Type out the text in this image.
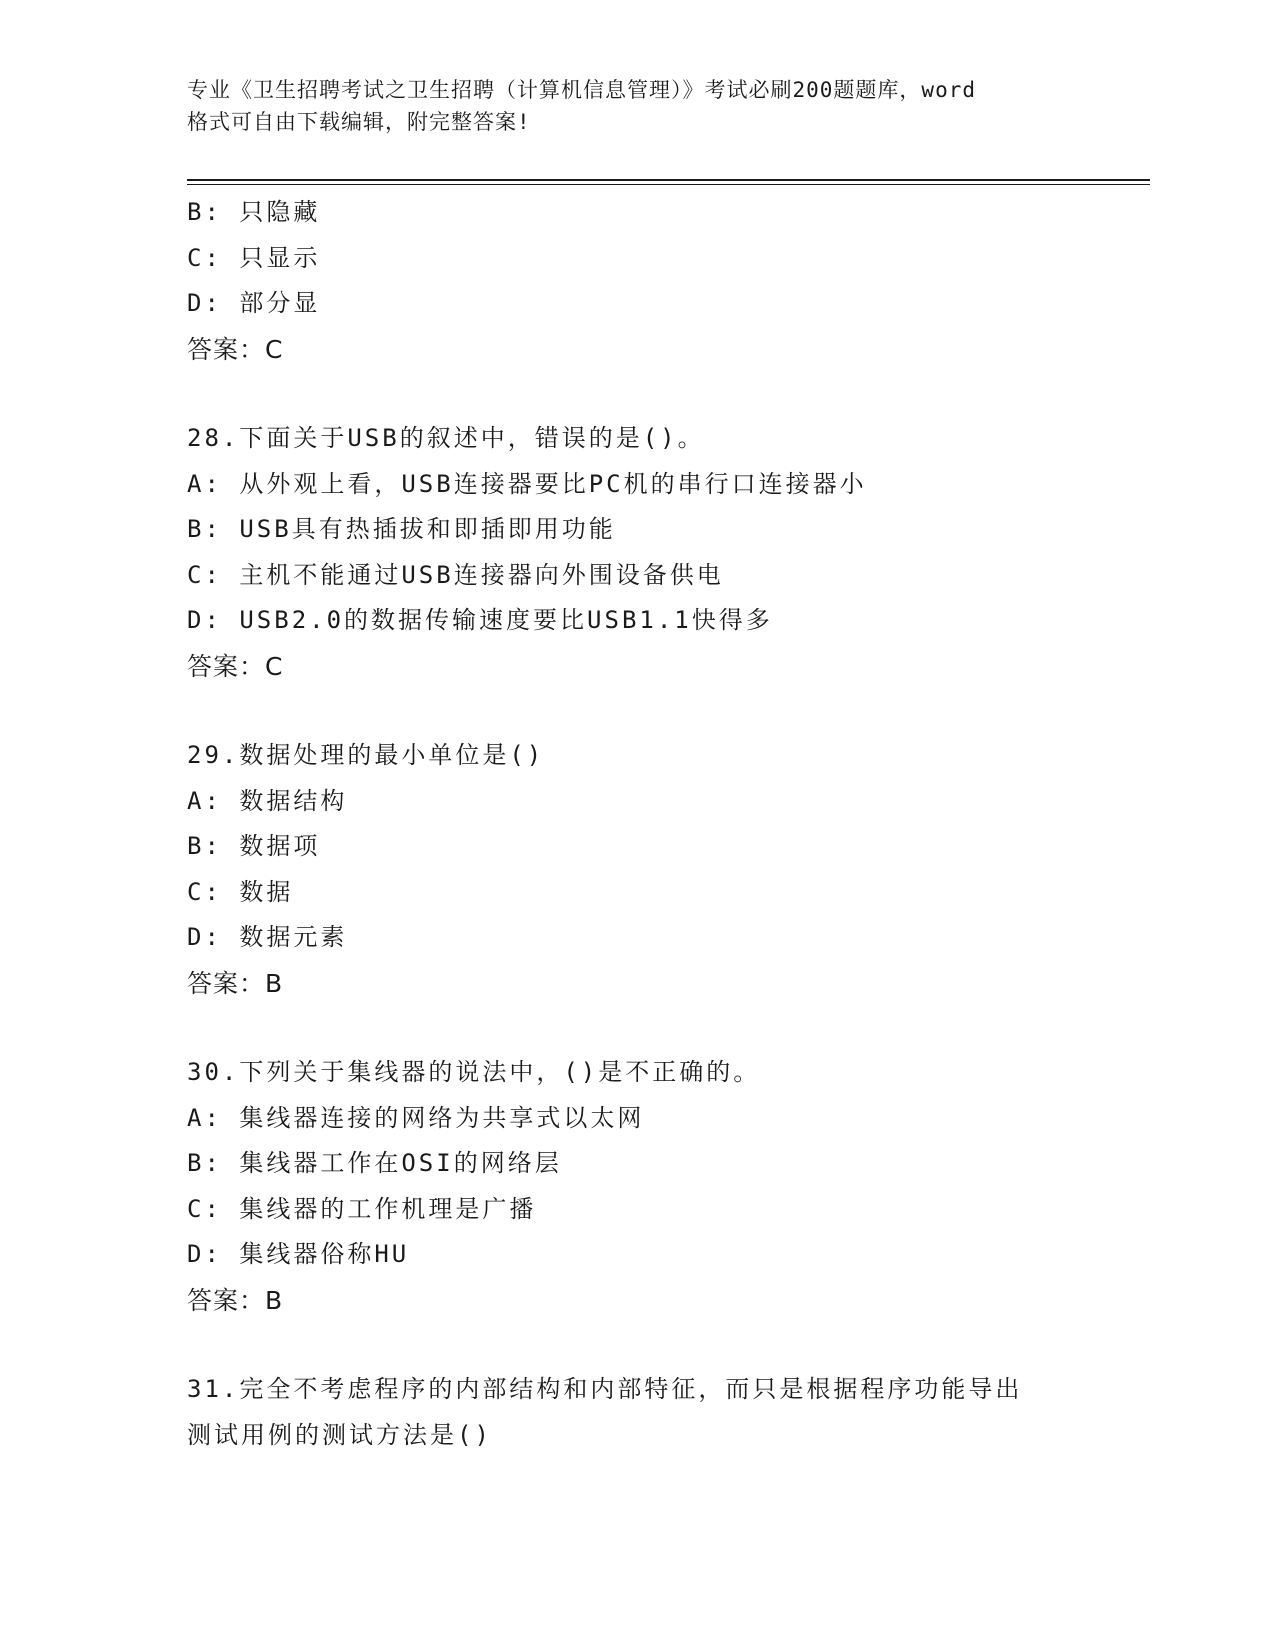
专业《卫生招聘考试之卫生招聘（计算机信息管理）》考试必刷200题题库，word
格式可自由下载编辑，附完整答案!
B: 只隐藏
C: 只显示
D: 部分显
答案：C
28.下面关于USB的叙述中，错误的是()。
A: 从外观上看，USB连接器要比PC机的串行口连接器小
B: USB具有热插拔和即插即用功能
C: 主机不能通过USB连接器向外围设备供电
D: USB2.0的数据传输速度要比USB1.1快得多
答案：C
29.数据处理的最小单位是()
A: 数据结构
B: 数据项
C: 数据
D: 数据元素
答案：B
30.下列关于集线器的说法中，()是不正确的。
A: 集线器连接的网络为共享式以太网
B: 集线器工作在OSI的网络层
C: 集线器的工作机理是广播
D: 集线器俗称HU
答案：B
31.完全不考虑程序的内部结构和内部特征，而只是根据程序功能导出
测试用例的测试方法是()
